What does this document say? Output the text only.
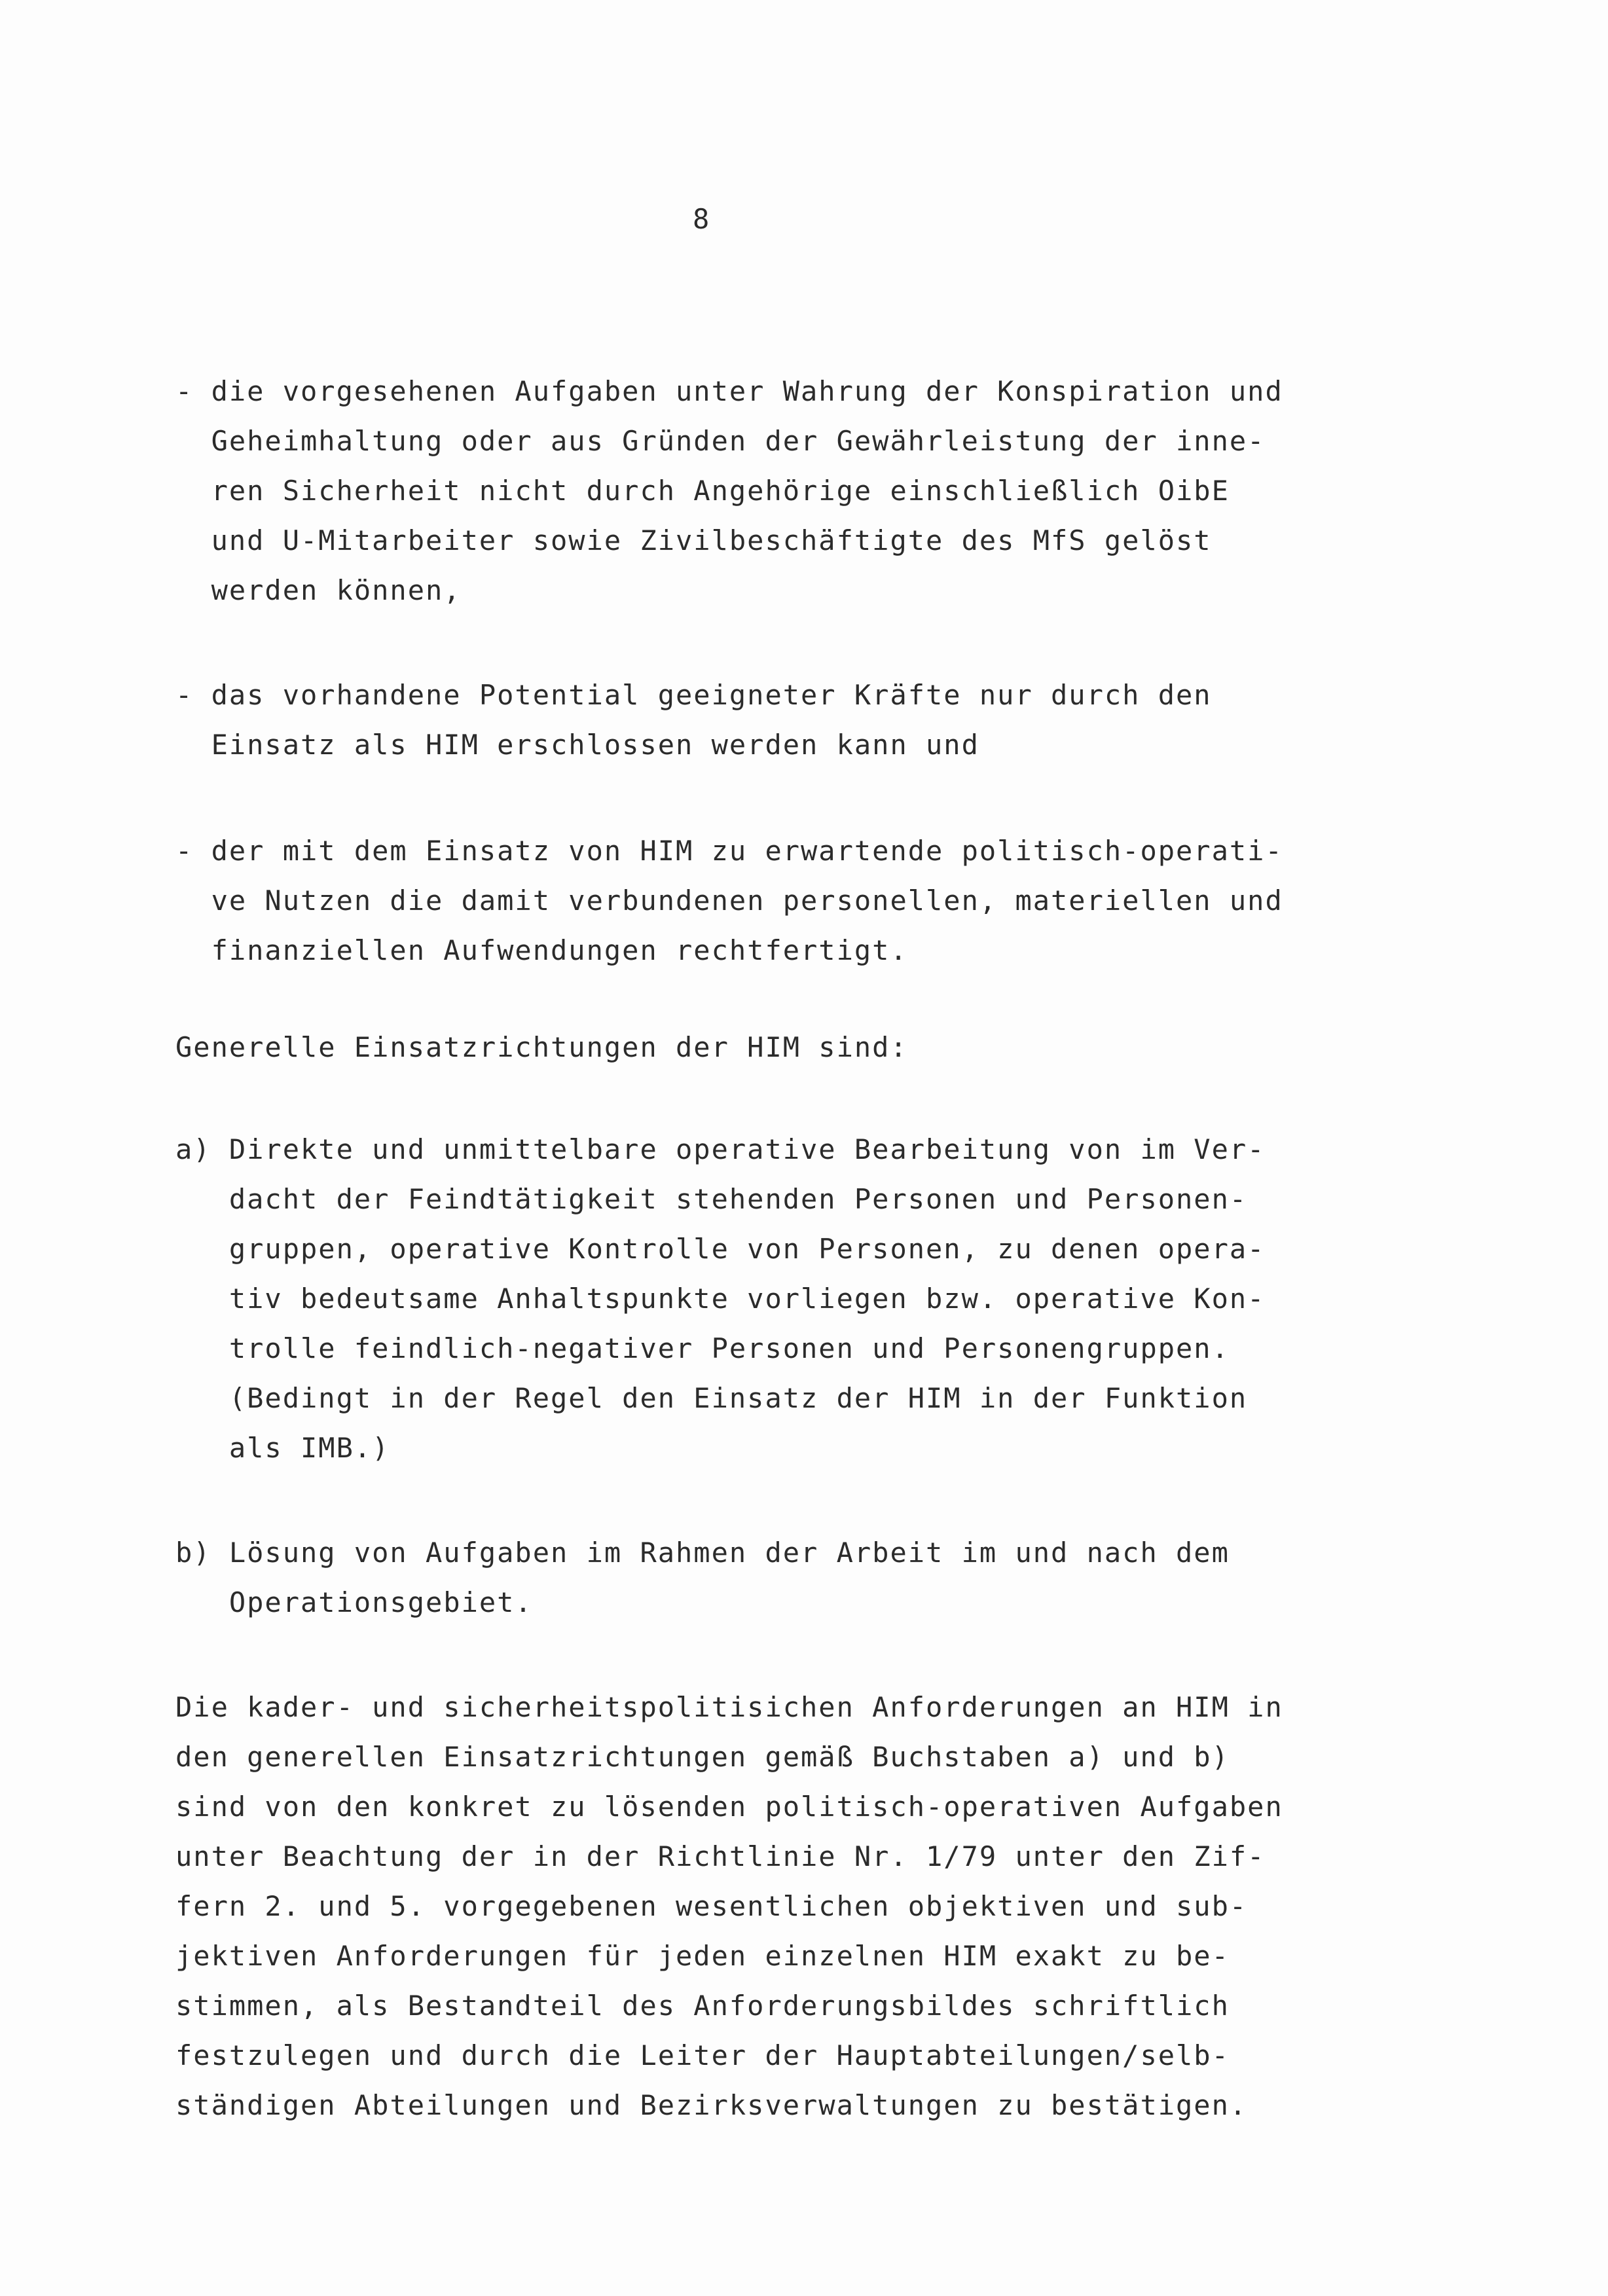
8

- die vorgesehenen Aufgaben unter Wahrung der Konspiration und

Geheimhaltung oder aus Gründen der Gewährleistung der inne-

ren Sicherheit nicht durch Angehörige einschließlich OibE

und U-Mitarbeiter sowie Zivilbeschäftigte des MfS gelöst

werden können,

- das vorhandene Potential geeigneter Kräfte nur durch den

Einsatz als HIM erschlossen werden kann und

- der mit dem Einsatz von HIM zu erwartende politisch-operati-

ve Nutzen die damit verbundenen personellen, materiellen und

finanziellen Aufwendungen rechtfertigt.

Generelle Einsatzrichtungen der HIM sind:

a) Direkte und unmittelbare operative Bearbeitung von im Ver-

dacht der Feindtätigkeit stehenden Personen und Personen-

gruppen, operative Kontrolle von Personen, zu denen opera-

tiv bedeutsame Anhaltspunkte vorliegen bzw. operative Kon-

trolle feindlich-negativer Personen und Personengruppen.

(Bedingt in der Regel den Einsatz der HIM in der Funktion

als IMB.)

b) Lösung von Aufgaben im Rahmen der Arbeit im und nach dem

Operationsgebiet.

Die kader- und sicherheitspolitisichen Anforderungen an HIM in

den generellen Einsatzrichtungen gemäß Buchstaben a) und b)

sind von den konkret zu lösenden politisch-operativen Aufgaben

unter Beachtung der in der Richtlinie Nr. 1/79 unter den Zif-

fern 2. und 5. vorgegebenen wesentlichen objektiven und sub-

jektiven Anforderungen für jeden einzelnen HIM exakt zu be-

stimmen, als Bestandteil des Anforderungsbildes schriftlich

festzulegen und durch die Leiter der Hauptabteilungen/selb-

ständigen Abteilungen und Bezirksverwaltungen zu bestätigen.
